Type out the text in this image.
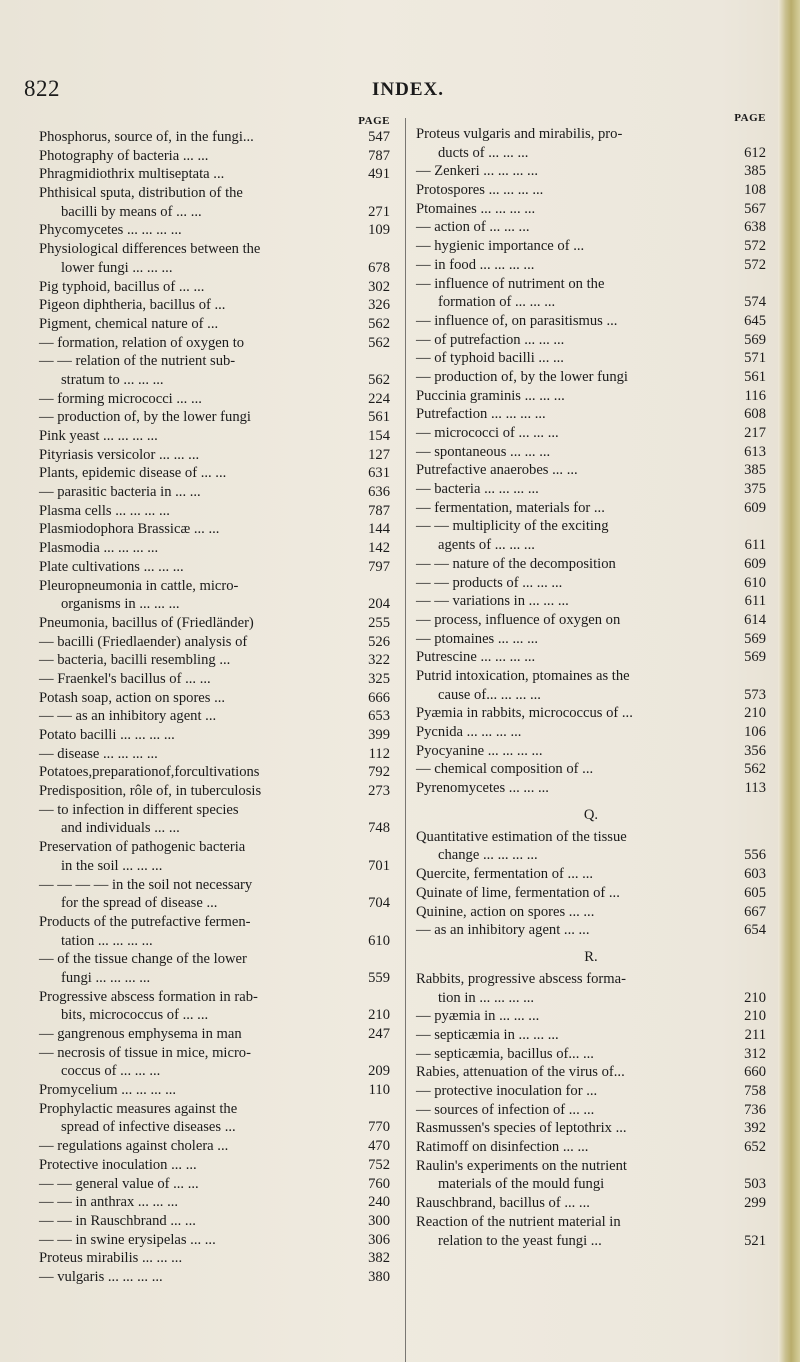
822	INDEX.
PAGE
Phosphorus, source of, in the fungi...	547
Photography of bacteria ... ...	787
Phragmidiothrix multiseptata ...	491
Phthisical sputa, distribution of the
bacilli by means of ... ...	271
Phycomycetes ... ... ... ...	109
Physiological differences between the
lower fungi ... ... ...	678
Pig typhoid, bacillus of ... ...	302
Pigeon diphtheria, bacillus of ...	326
Pigment, chemical nature of ...	562
— formation, relation of oxygen to	562
— — relation of the nutrient sub-
stratum to ... ... ...	562
— forming micrococci ... ...	224
— production of, by the lower fungi	561
Pink yeast ... ... ... ...	154
Pityriasis versicolor ... ... ...	127
Plants, epidemic disease of ... ...	631
— parasitic bacteria in ... ...	636
Plasma cells ... ... ... ...	787
Plasmiodophora Brassicæ ... ...	144
Plasmodia ... ... ... ...	142
Plate cultivations ... ... ...	797
Pleuropneumonia in cattle, micro-
organisms in ... ... ...	204
Pneumonia, bacillus of (Friedländer)	255
— bacilli (Friedlaender) analysis of	526
— bacteria, bacilli resembling ...	322
— Fraenkel's bacillus of ... ...	325
Potash soap, action on spores ...	666
— — as an inhibitory agent ...	653
Potato bacilli ... ... ... ...	399
— disease ... ... ... ...	112
Potatoes,preparationof,forcultivations	792
Predisposition, rôle of, in tuberculosis	273
— to infection in different species
and individuals ... ...	748
Preservation of pathogenic bacteria
in the soil ... ... ...	701
— — — — in the soil not necessary
for the spread of disease ...	704
Products of the putrefactive fermen-
tation ... ... ... ...	610
— of the tissue change of the lower
fungi ... ... ... ...	559
Progressive abscess formation in rab-
bits, micrococcus of ... ...	210
— gangrenous emphysema in man	247
— necrosis of tissue in mice, micro-
coccus of ... ... ...	209
Promycelium ... ... ... ...	110
Prophylactic measures against the
spread of infective diseases ...	770
— regulations against cholera ...	470
Protective inoculation ... ...	752
— — general value of ... ...	760
— — in anthrax ... ... ...	240
— — in Rauschbrand ... ...	300
— — in swine erysipelas ... ...	306
Proteus mirabilis ... ... ...	382
— vulgaris ... ... ... ...	380
PAGE
Proteus vulgaris and mirabilis, pro-
ducts of ... ... ...	612
— Zenkeri ... ... ... ...	385
Protospores ... ... ... ...	108
Ptomaines ... ... ... ...	567
— action of ... ... ...	638
— hygienic importance of ...	572
— in food ... ... ... ...	572
— influence of nutriment on the
formation of ... ... ...	574
— influence of, on parasitismus ...	645
— of putrefaction ... ... ...	569
— of typhoid bacilli ... ...	571
— production of, by the lower fungi	561
Puccinia graminis ... ... ...	116
Putrefaction ... ... ... ...	608
— micrococci of ... ... ...	217
— spontaneous ... ... ...	613
Putrefactive anaerobes ... ...	385
— bacteria ... ... ... ...	375
— fermentation, materials for ...	609
— — multiplicity of the exciting
agents of ... ... ...	611
— — nature of the decomposition	609
— — products of ... ... ...	610
— — variations in ... ... ...	611
— process, influence of oxygen on	614
— ptomaines ... ... ...	569
Putrescine ... ... ... ...	569
Putrid intoxication, ptomaines as the
cause of... ... ... ...	573
Pyæmia in rabbits, micrococcus of ...	210
Pycnida ... ... ... ...	106
Pyocyanine ... ... ... ...	356
— chemical composition of ...	562
Pyrenomycetes ... ... ...	113
Q.
Quantitative estimation of the tissue
change ... ... ... ...	556
Quercite, fermentation of ... ...	603
Quinate of lime, fermentation of ...	605
Quinine, action on spores ... ...	667
— as an inhibitory agent ... ...	654
R.
Rabbits, progressive abscess forma-
tion in ... ... ... ...	210
— pyæmia in ... ... ...	210
— septicæmia in ... ... ...	211
— septicæmia, bacillus of... ...	312
Rabies, attenuation of the virus of...	660
— protective inoculation for ...	758
— sources of infection of ... ...	736
Rasmussen's species of leptothrix ...	392
Ratimoff on disinfection ... ...	652
Raulin's experiments on the nutrient
materials of the mould fungi	503
Rauschbrand, bacillus of ... ...	299
Reaction of the nutrient material in
relation to the yeast fungi ...	521
